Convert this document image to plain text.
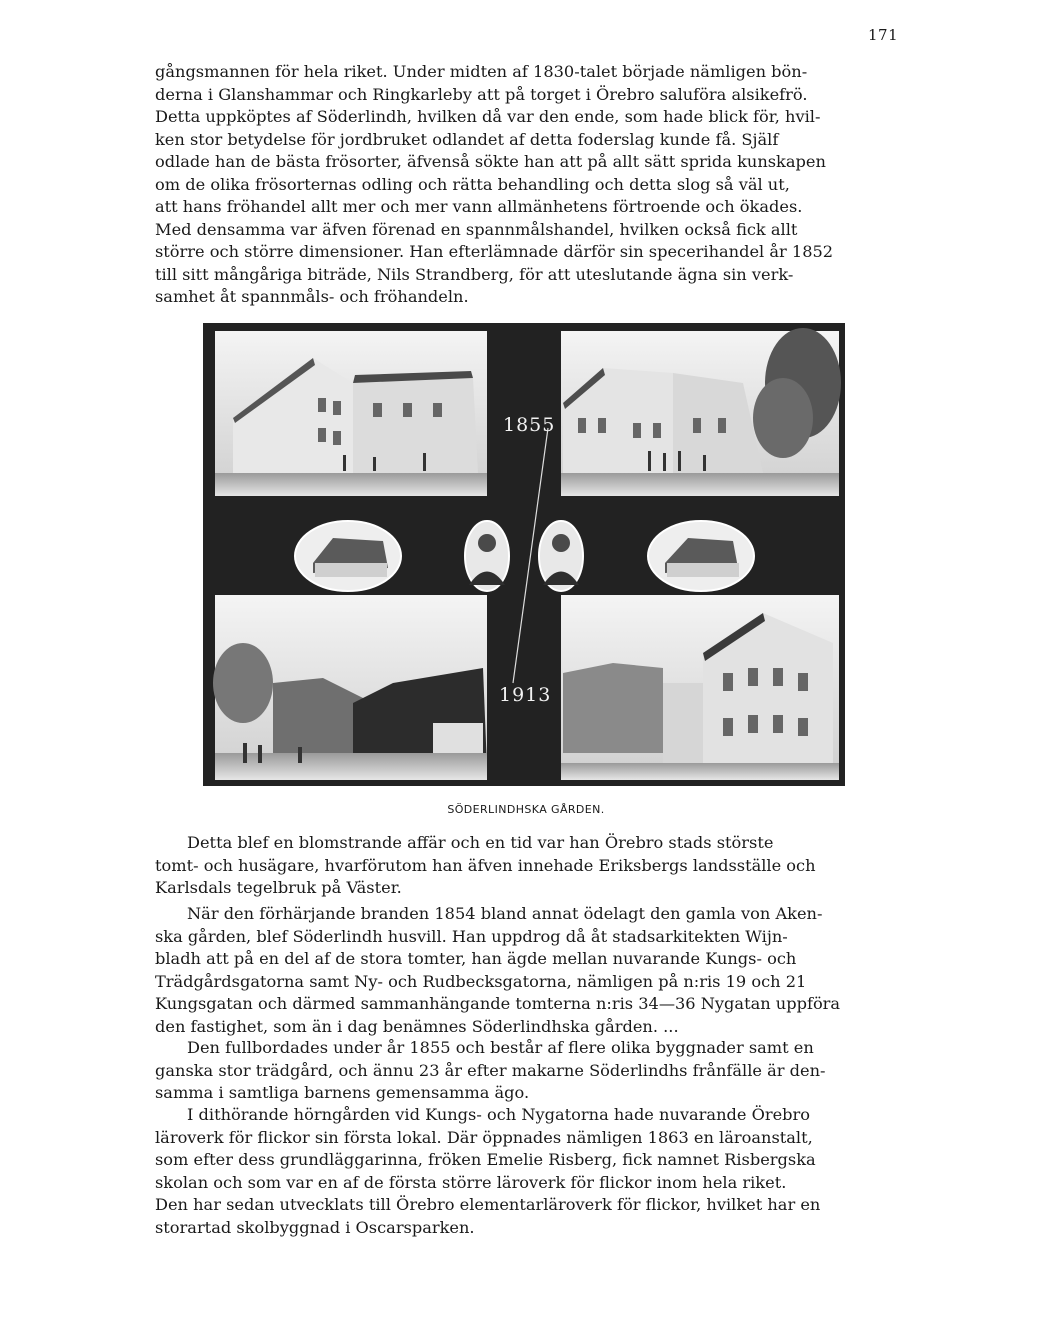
171

gångsmannen för hela riket. Under midten af 1830-talet började nämligen bön-
derna i Glanshammar och Ringkarleby att på torget i Örebro saluföra alsikefrö.
Detta uppköptes af Söderlindh, hvilken då var den ende, som hade blick för, hvil-
ken stor betydelse för jordbruket odlandet af detta foderslag kunde få. Själf
odlade han de bästa frösorter, äfvenså sökte han att på allt sätt sprida kunskapen
om de olika frösorternas odling och rätta behandling och detta slog så väl ut,
att hans fröhandel allt mer och mer vann allmänhetens förtroende och ökades.
Med densamma var äfven förenad en spannmålshandel, hvilken också fick allt
större och större dimensioner. Han efterlämnade därför sin specerihandel år 1852
till sitt mångåriga biträde, Nils Strandberg, för att uteslutande ägna sin verk-
samhet åt spannmåls- och fröhandeln.

1855
1913
SÖDERLINDHSKA GÅRDEN.

Detta blef en blomstrande affär och en tid var han Örebro stads störste
tomt- och husägare, hvarförutom han äfven innehade Eriksbergs landsställe och
Karlsdals tegelbruk på Väster.

När den förhärjande branden 1854 bland annat ödelagt den gamla von Aken-
ska gården, blef Söderlindh husvill. Han uppdrog då åt stadsarkitekten Wijn-
bladh att på en del af de stora tomter, han ägde mellan nuvarande Kungs- och
Trädgårdsgatorna samt Ny- och Rudbecksgatorna, nämligen på n:ris 19 och 21
Kungsgatan och därmed sammanhängande tomterna n:ris 34—36 Nygatan uppföra
den fastighet, som än i dag benämnes Söderlindhska gården. ...

Den fullbordades under år 1855 och består af flere olika byggnader samt en
ganska stor trädgård, och ännu 23 år efter makarne Söderlindhs frånfälle är den-
samma i samtliga barnens gemensamma ägo.

I dithörande hörngården vid Kungs- och Nygatorna hade nuvarande Örebro
läroverk för flickor sin första lokal. Där öppnades nämligen 1863 en läroanstalt,
som efter dess grundläggarinna, fröken Emelie Risberg, fick namnet Risbergska
skolan och som var en af de första större läroverk för flickor inom hela riket.
Den har sedan utvecklats till Örebro elementarläroverk för flickor, hvilket har en
storartad skolbyggnad i Oscarsparken.
